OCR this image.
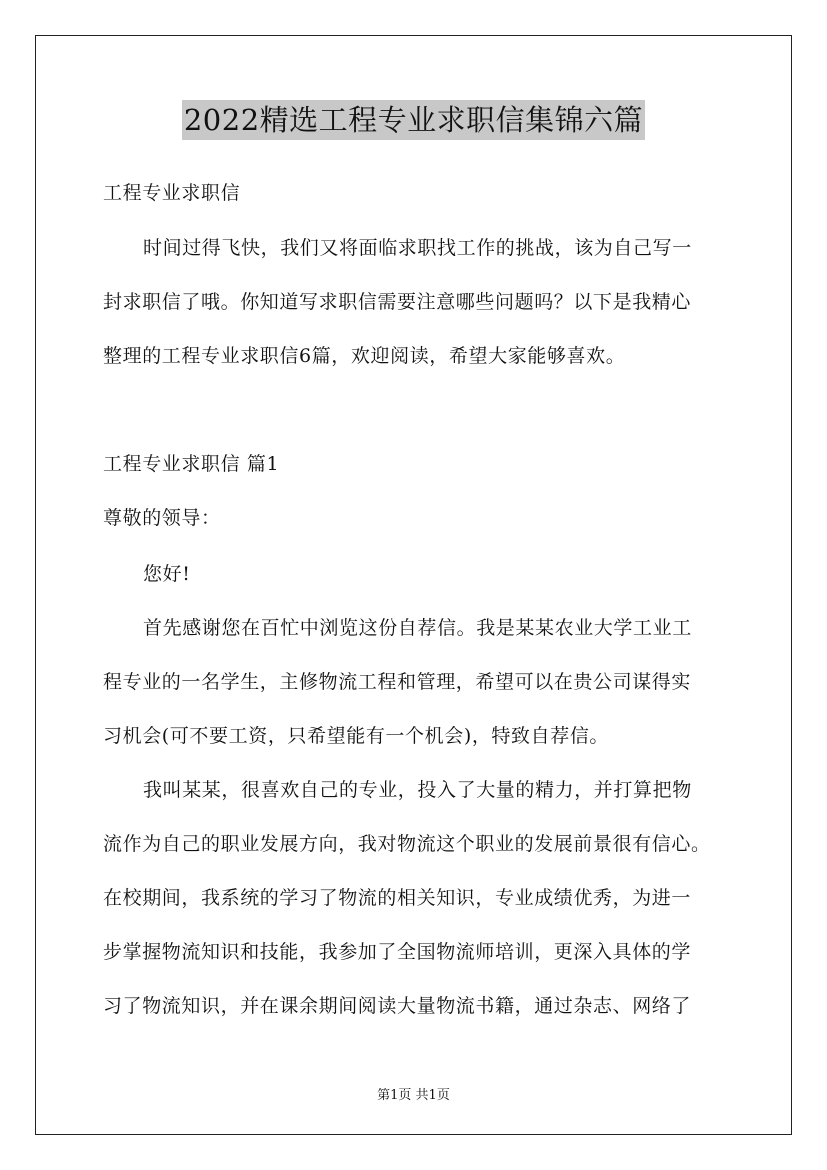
2022精选工程专业求职信集锦六篇
工程专业求职信
时间过得飞快，我们又将面临求职找工作的挑战，该为自己写一
封求职信了哦。你知道写求职信需要注意哪些问题吗？以下是我精心
整理的工程专业求职信6篇，欢迎阅读，希望大家能够喜欢。
工程专业求职信 篇1
尊敬的领导：
您好!
首先感谢您在百忙中浏览这份自荐信。我是某某农业大学工业工
程专业的一名学生，主修物流工程和管理，希望可以在贵公司谋得实
习机会(可不要工资，只希望能有一个机会)，特致自荐信。
我叫某某，很喜欢自己的专业，投入了大量的精力，并打算把物
流作为自己的职业发展方向，我对物流这个职业的发展前景很有信心。
在校期间，我系统的学习了物流的相关知识，专业成绩优秀，为进一
步掌握物流知识和技能，我参加了全国物流师培训，更深入具体的学
习了物流知识，并在课余期间阅读大量物流书籍，通过杂志、网络了
第1页 共1页
